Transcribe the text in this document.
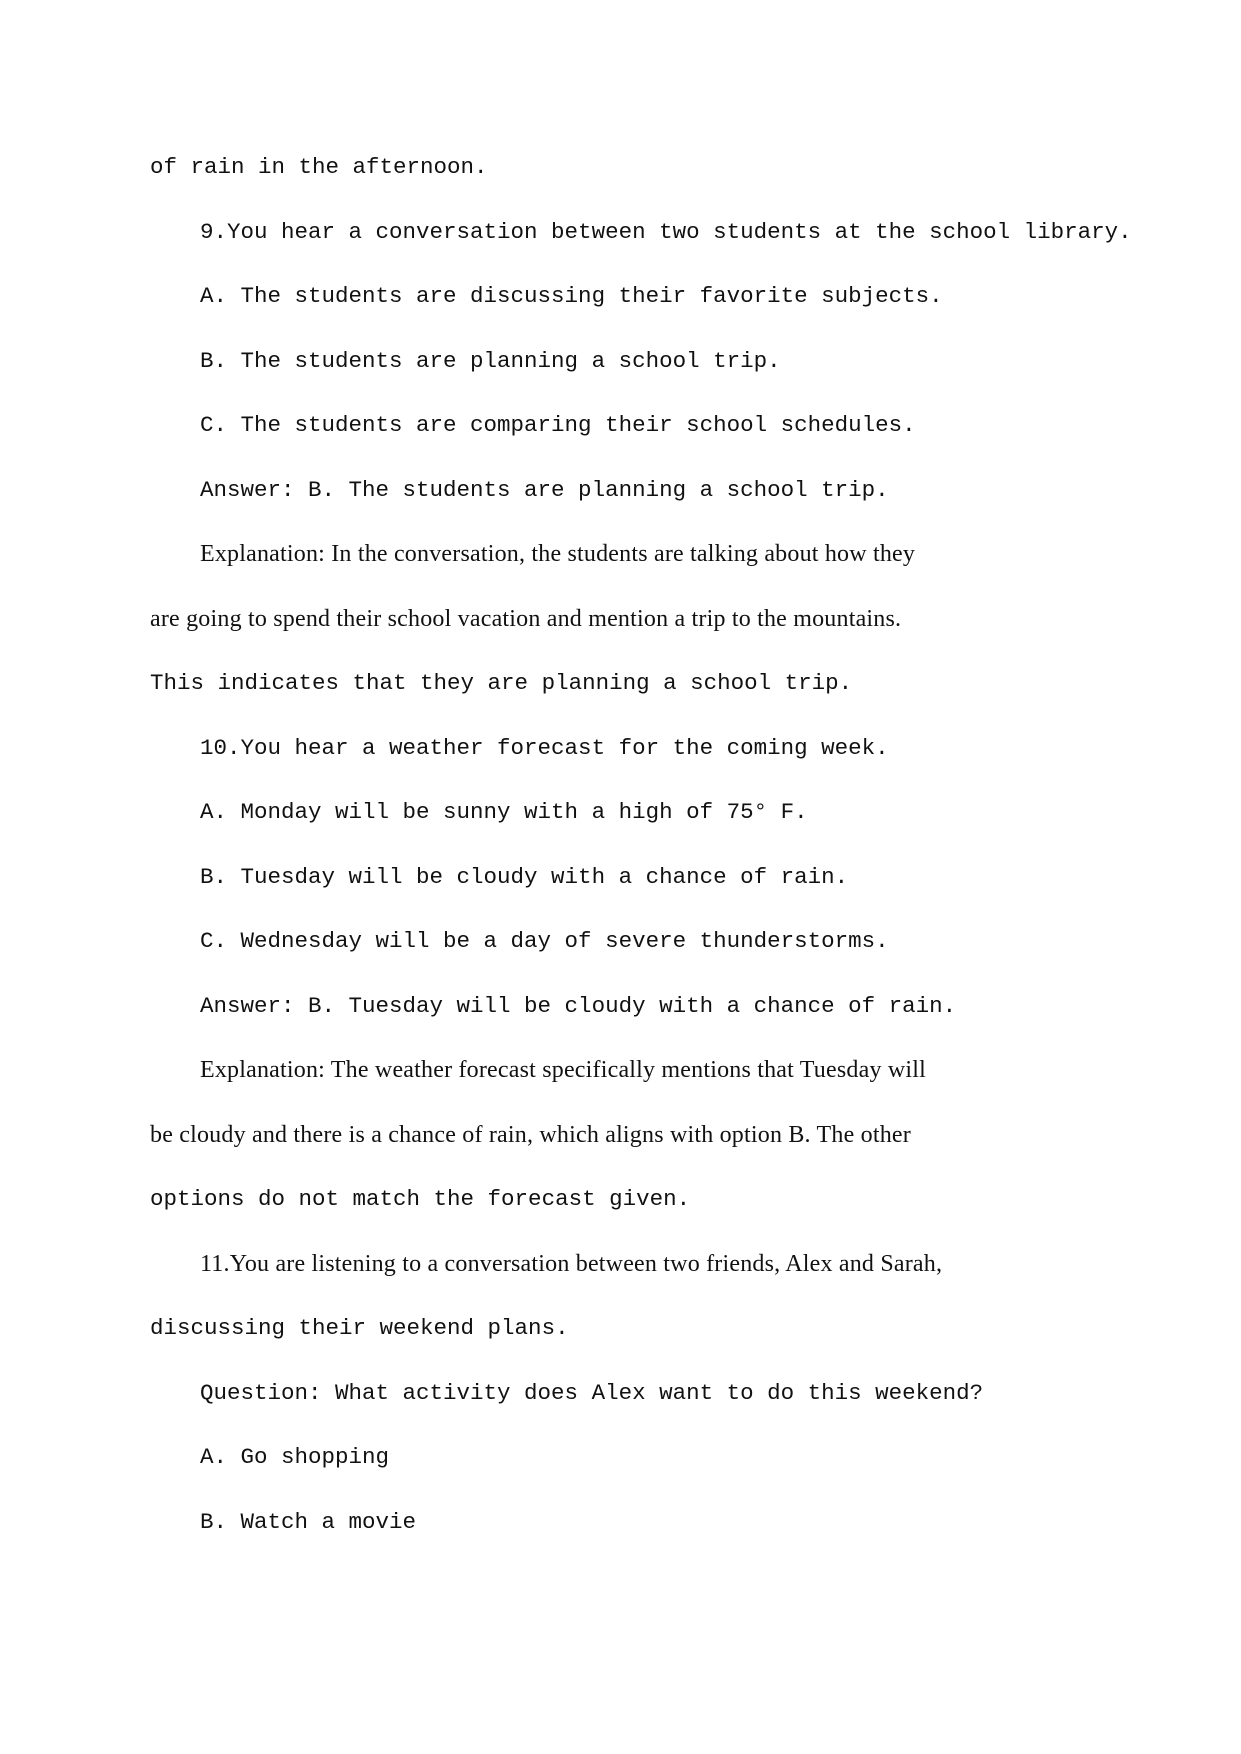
of rain in the afternoon.
9.You hear a conversation between two students at the school library.
A. The students are discussing their favorite subjects.
B. The students are planning a school trip.
C. The students are comparing their school schedules.
Answer: B. The students are planning a school trip.
Explanation: In the conversation, the students are talking about how they
are going to spend their school vacation and mention a trip to the mountains.
This indicates that they are planning a school trip.
10.You hear a weather forecast for the coming week.
A. Monday will be sunny with a high of 75° F.
B. Tuesday will be cloudy with a chance of rain.
C. Wednesday will be a day of severe thunderstorms.
Answer: B. Tuesday will be cloudy with a chance of rain.
Explanation: The weather forecast specifically mentions that Tuesday will
be cloudy and there is a chance of rain, which aligns with option B. The other
options do not match the forecast given.
11.You are listening to a conversation between two friends, Alex and Sarah,
discussing their weekend plans.
Question: What activity does Alex want to do this weekend?
A. Go shopping
B. Watch a movie
